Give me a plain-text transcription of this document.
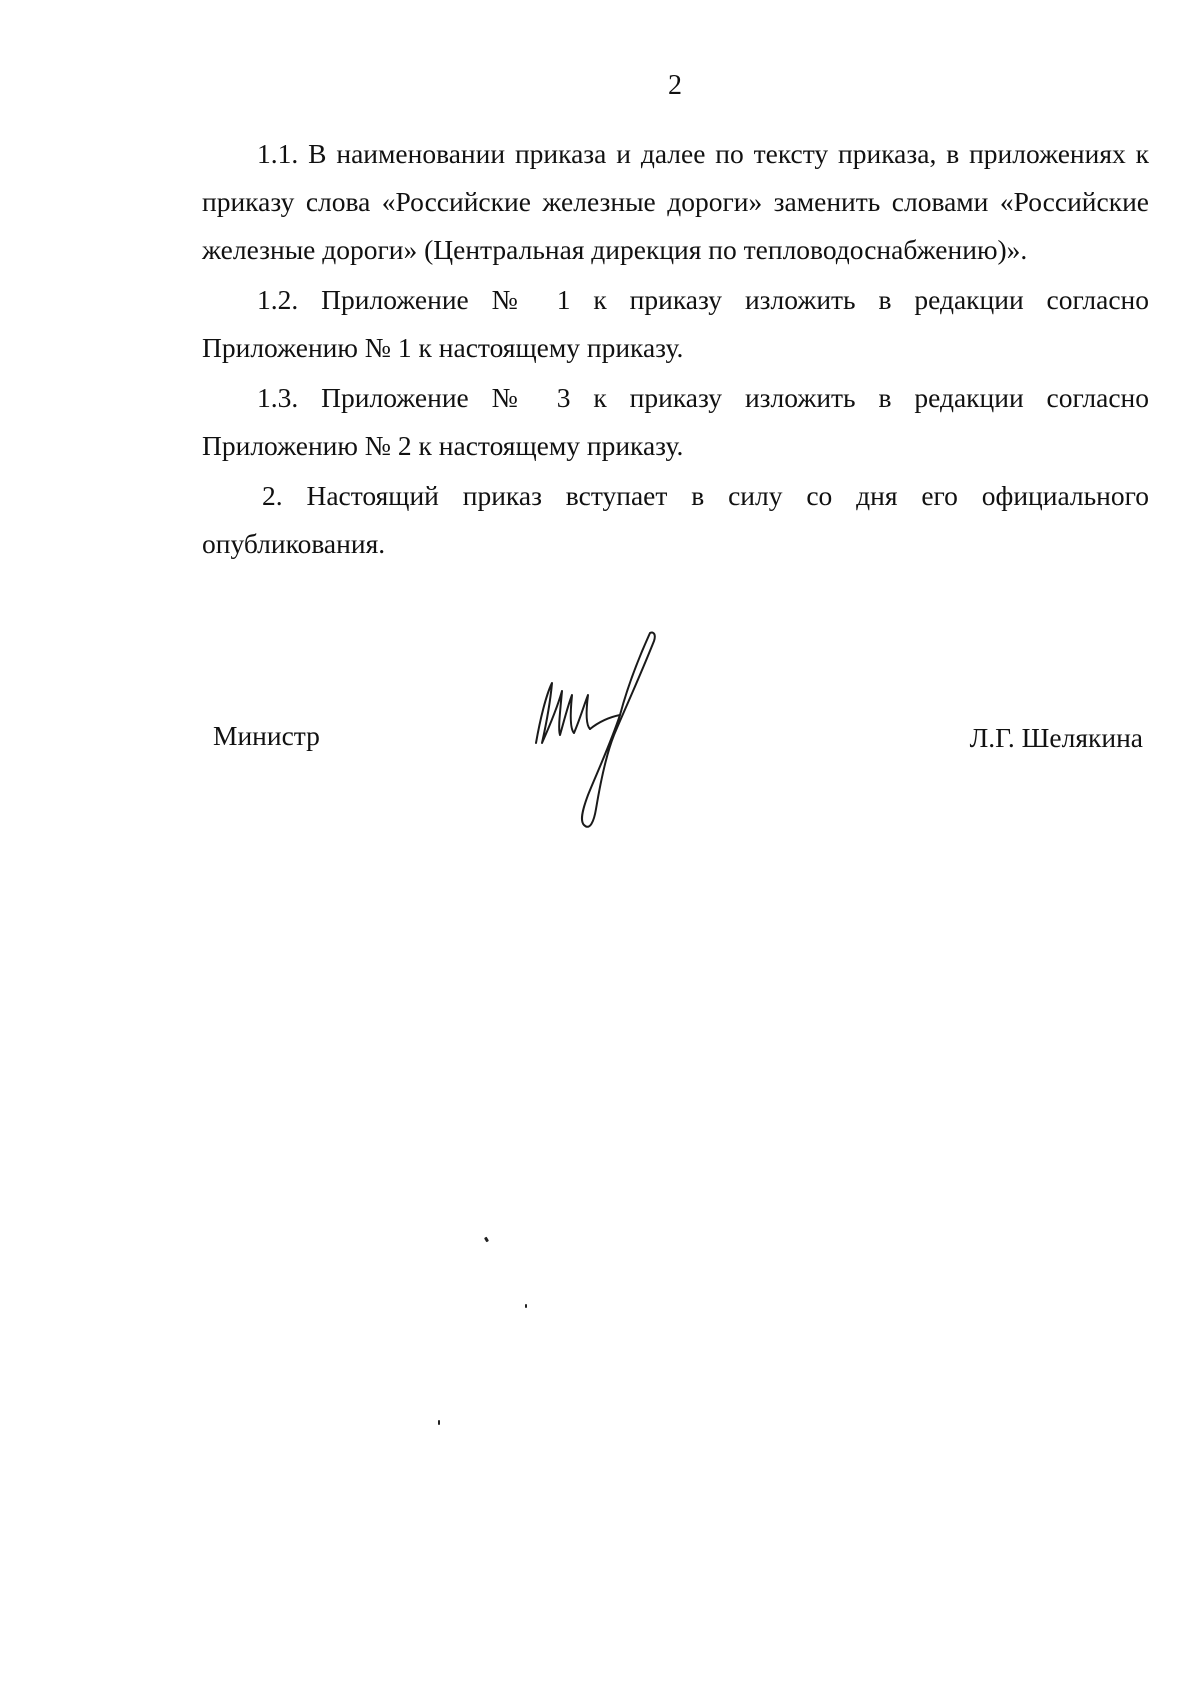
2

1.1. В наименовании приказа и далее по тексту приказа, в приложениях к приказу слова «Российские железные дороги» заменить словами «Российские железные дороги» (Центральная дирекция по тепловодоснабжению)».

1.2. Приложение № 1 к приказу изложить в редакции согласно Приложению № 1 к настоящему приказу.

1.3. Приложение № 3 к приказу изложить в редакции согласно Приложению № 2 к настоящему приказу.

2. Настоящий приказ вступает в силу со дня его официального опубликования.

Министр	Л.Г. Шелякина
